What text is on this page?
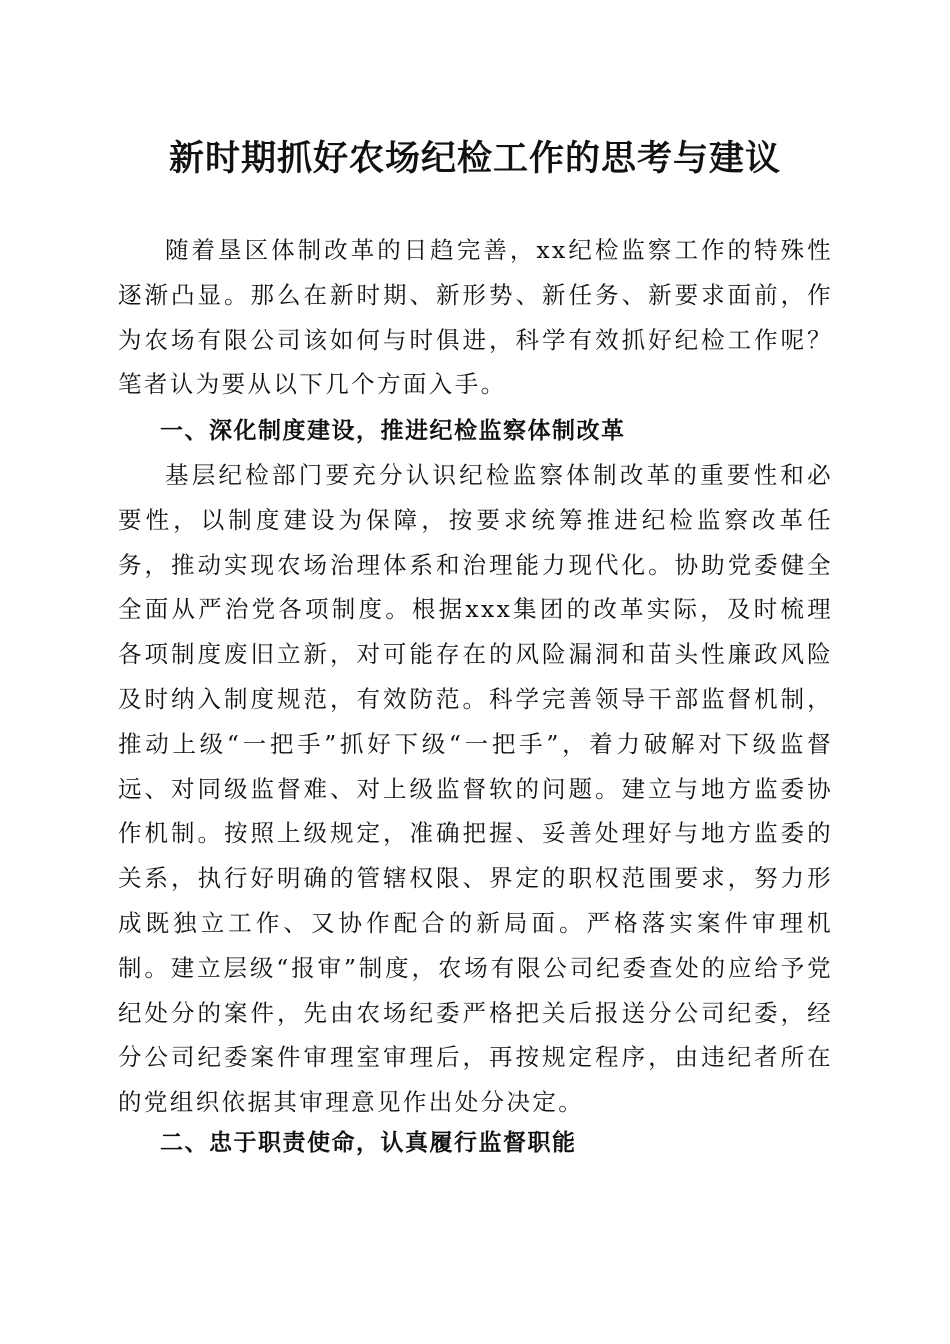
新时期抓好农场纪检工作的思考与建议

随着垦区体制改革的日趋完善，xx纪检监察工作的特殊性逐渐凸显。那么在新时期、新形势、新任务、新要求面前，作为农场有限公司该如何与时俱进，科学有效抓好纪检工作呢？笔者认为要从以下几个方面入手。

一、深化制度建设，推进纪检监察体制改革

基层纪检部门要充分认识纪检监察体制改革的重要性和必要性，以制度建设为保障，按要求统筹推进纪检监察改革任务，推动实现农场治理体系和治理能力现代化。协助党委健全全面从严治党各项制度。根据xxx集团的改革实际，及时梳理各项制度废旧立新，对可能存在的风险漏洞和苗头性廉政风险及时纳入制度规范，有效防范。科学完善领导干部监督机制，推动上级“一把手”抓好下级“一把手”，着力破解对下级监督远、对同级监督难、对上级监督软的问题。建立与地方监委协作机制。按照上级规定，准确把握、妥善处理好与地方监委的关系，执行好明确的管辖权限、界定的职权范围要求，努力形成既独立工作、又协作配合的新局面。严格落实案件审理机制。建立层级“报审”制度，农场有限公司纪委查处的应给予党纪处分的案件，先由农场纪委严格把关后报送分公司纪委，经分公司纪委案件审理室审理后，再按规定程序，由违纪者所在的党组织依据其审理意见作出处分决定。

二、忠于职责使命，认真履行监督职能
